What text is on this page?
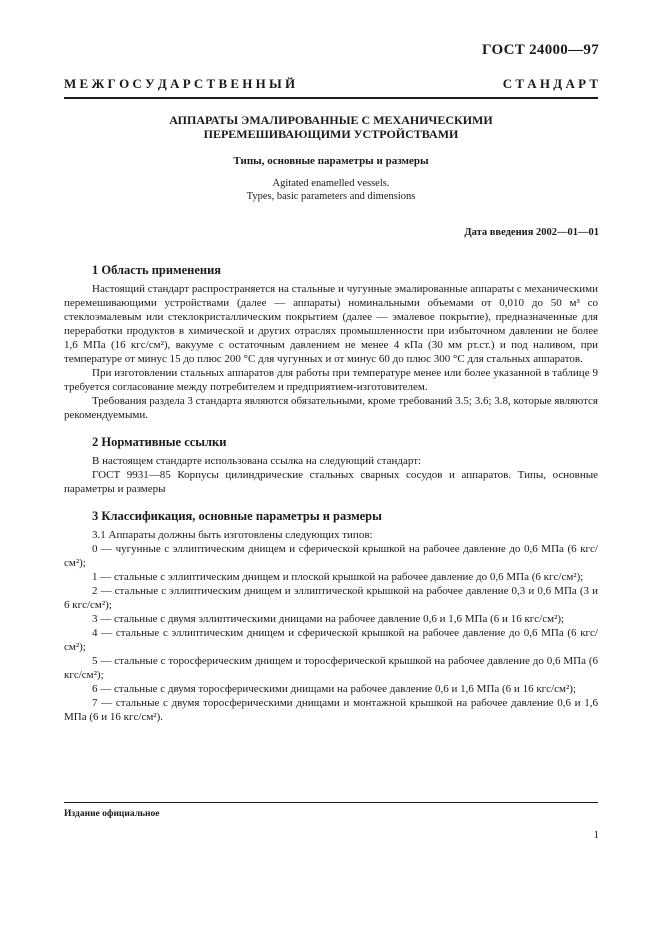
ГОСТ 24000—97
М Е Ж Г О С У Д А Р С Т В Е Н Н Ы Й	С Т А Н Д А Р Т
АППАРАТЫ ЭМАЛИРОВАННЫЕ С МЕХАНИЧЕСКИМИ
ПЕРЕМЕШИВАЮЩИМИ УСТРОЙСТВАМИ
Типы, основные параметры и размеры
Agitated enamelled vessels.
Types, basic parameters and dimensions
Дата введения 2002—01—01
1 Область применения

Настоящий стандарт распространяется на стальные и чугунные эмалированные аппараты с механическими перемешивающими устройствами (далее — аппараты) номинальными объемами от 0,010 до 50 м³ со стеклоэмалевым или стеклокристаллическим покрытием (далее — эмалевое покрытие), предназначенные для переработки продуктов в химической и других отраслях промышленности при избыточном давлении не более 1,6 МПа (16 кгс/см²), вакууме с остаточным давлением не менее 4 кПа (30 мм рт.ст.) и под наливом, при температуре от минус 15 до плюс 200 °С для чугунных и от минус 60 до плюс 300 °С для стальных аппаратов.

При изготовлении стальных аппаратов для работы при температуре менее или более указанной в таблице 9 требуется согласование между потребителем и предприятием-изготовителем.

Требования раздела 3 стандарта являются обязательными, кроме требований 3.5; 3.6; 3.8, которые являются рекомендуемыми.

2 Нормативные ссылки

В настоящем стандарте использована ссылка на следующий стандарт:

ГОСТ 9931—85 Корпусы цилиндрические стальных сварных сосудов и аппаратов. Типы, основные параметры и размеры

3 Классификация, основные параметры и размеры

3.1 Аппараты должны быть изготовлены следующих типов:

0 — чугунные с эллиптическим днищем и сферической крышкой на рабочее давление до 0,6 МПа (6 кгс/см²);

1 — стальные с эллиптическим днищем и плоской крышкой на рабочее давление до 0,6 МПа (6 кгс/см²);

2 — стальные с эллиптическим днищем и эллиптической крышкой на рабочее давление 0,3 и 0,6 МПа (3 и 6 кгс/см²);

3 — стальные с двумя эллиптическими днищами на рабочее давление 0,6 и 1,6 МПа (6 и 16 кгс/см²);

4 — стальные с эллиптическим днищем и сферической крышкой на рабочее давление до 0,6 МПа (6 кгс/см²);

5 — стальные с торосферическим днищем и торосферической крышкой на рабочее давление до 0,6 МПа (6 кгс/см²);

6 — стальные с двумя торосферическими днищами на рабочее давление 0,6 и 1,6 МПа (6 и 16 кгс/см²);

7 — стальные с двумя торосферическими днищами и монтажной крышкой на рабочее давление 0,6 и 1,6 МПа (6 и 16 кгс/см²).

Издание официальное
1
